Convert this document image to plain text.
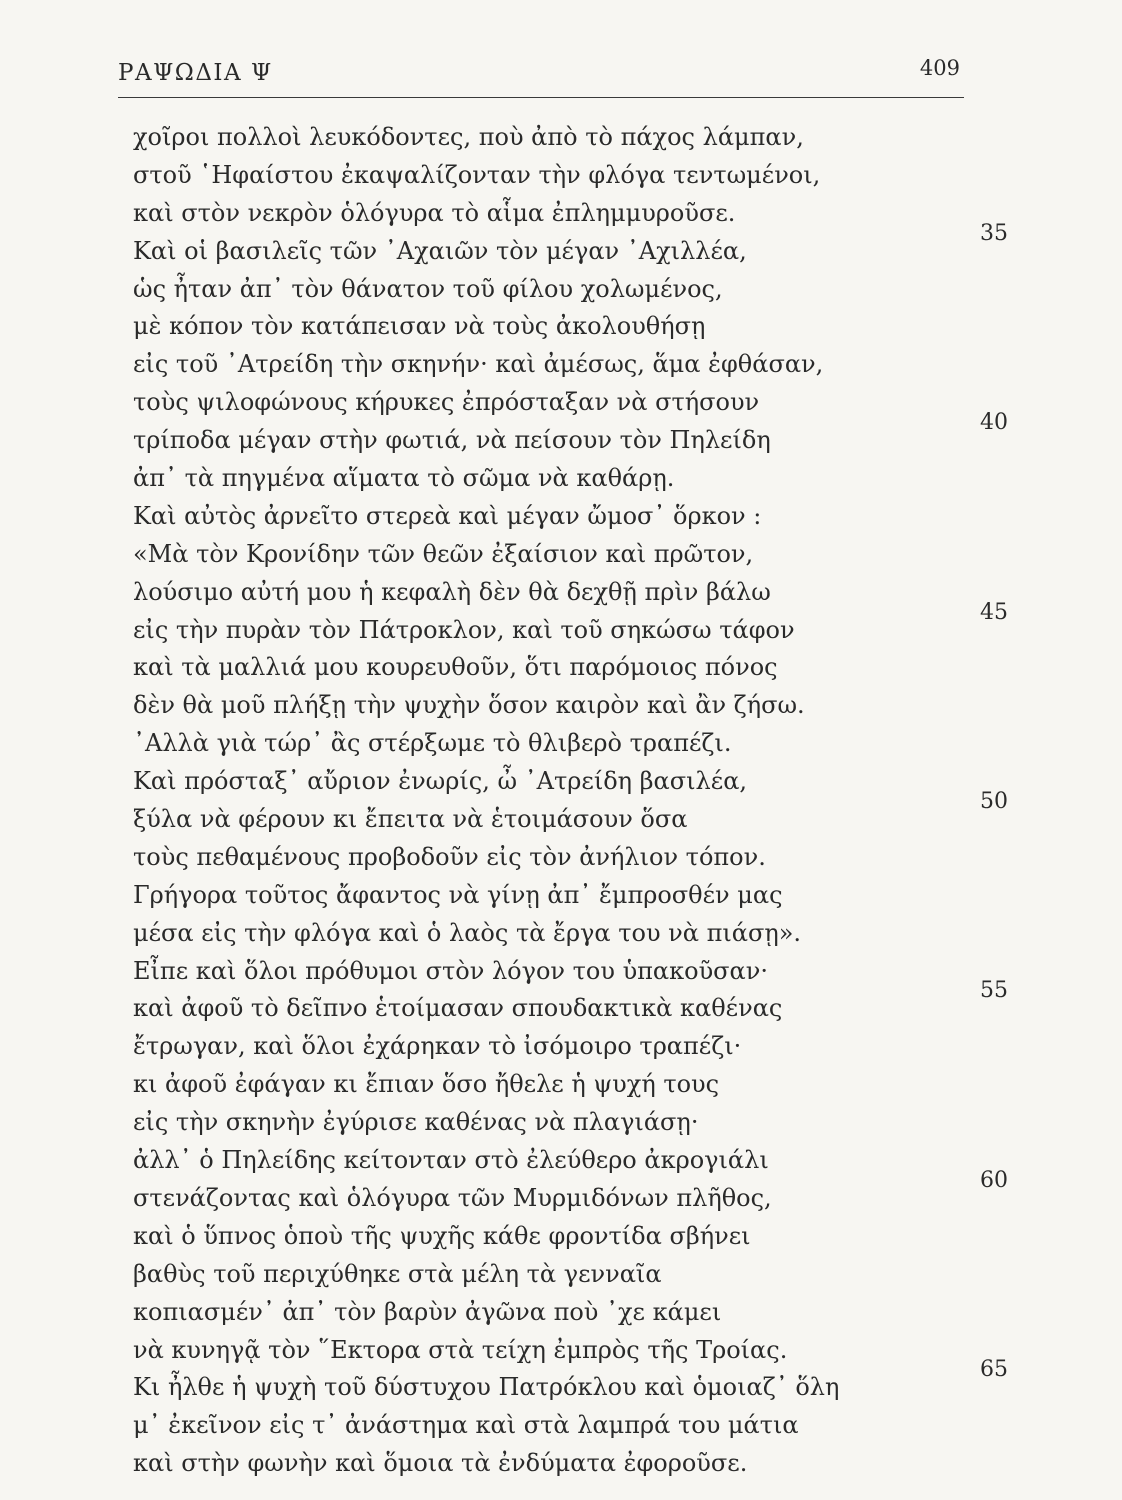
ΡΑΨΩΔΙΑ Ψ	409
χοῖροι πολλοὶ λευκόδοντες, ποὺ ἀπὸ τὸ πάχος λάμπαν,
στοῦ ῾Ηφαίστου ἐκαψαλίζονταν τὴν φλόγα τεντωμένοι,
καὶ στὸν νεκρὸν ὁλόγυρα τὸ αἷμα ἐπλημμυροῦσε.
Καὶ οἱ βασιλεῖς τῶν ᾿Αχαιῶν τὸν μέγαν ᾿Αχιλλέα,
35
ὡς ἦταν ἀπ᾿ τὸν θάνατον τοῦ φίλου χολωμένος,
μὲ κόπον τὸν κατάπεισαν νὰ τοὺς ἀκολουθήσῃ
εἰς τοῦ ᾿Ατρείδη τὴν σκηνήν· καὶ ἀμέσως, ἅμα ἐφθάσαν,
τοὺς ψιλοφώνους κήρυκες ἐπρόσταξαν νὰ στήσουν
τρίποδα μέγαν στὴν φωτιά, νὰ πείσουν τὸν Πηλείδη
40
ἀπ᾿ τὰ πηγμένα αἵματα τὸ σῶμα νὰ καθάρῃ.
Καὶ αὐτὸς ἀρνεῖτο στερεὰ καὶ μέγαν ὤμοσ᾿ ὅρκον :
«Μὰ τὸν Κρονίδην τῶν θεῶν ἐξαίσιον καὶ πρῶτον,
λούσιμο αὐτή μου ἡ κεφαλὴ δὲν θὰ δεχθῇ πρὶν βάλω
εἰς τὴν πυρὰν τὸν Πάτροκλον, καὶ τοῦ σηκώσω τάφον
45
καὶ τὰ μαλλιά μου κουρευθοῦν, ὅτι παρόμοιος πόνος
δὲν θὰ μοῦ πλήξῃ τὴν ψυχὴν ὅσον καιρὸν καὶ ἂν ζήσω.
᾿Αλλὰ γιὰ τώρ᾿ ἂς στέρξωμε τὸ θλιβερὸ τραπέζι.
Καὶ πρόσταξ᾿ αὔριον ἐνωρίς, ὦ ᾿Ατρείδη βασιλέα,
ξύλα νὰ φέρουν κι ἔπειτα νὰ ἑτοιμάσουν ὅσα
50
τοὺς πεθαμένους προβοδοῦν εἰς τὸν ἀνήλιον τόπον.
Γρήγορα τοῦτος ἄφαντος νὰ γίνῃ ἀπ᾿ ἔμπροσθέν μας
μέσα εἰς τὴν φλόγα καὶ ὁ λαὸς τὰ ἔργα του νὰ πιάσῃ».
Εἶπε καὶ ὅλοι πρόθυμοι στὸν λόγον του ὑπακοῦσαν·
καὶ ἀφοῦ τὸ δεῖπνο ἑτοίμασαν σπουδακτικὰ καθένας
55
ἔτρωγαν, καὶ ὅλοι ἐχάρηκαν τὸ ἰσόμοιρο τραπέζι·
κι ἀφοῦ ἐφάγαν κι ἔπιαν ὅσο ἤθελε ἡ ψυχή τους
εἰς τὴν σκηνὴν ἐγύρισε καθένας νὰ πλαγιάσῃ·
ἀλλ᾿ ὁ Πηλείδης κείτονταν στὸ ἐλεύθερο ἀκρογιάλι
στενάζοντας καὶ ὁλόγυρα τῶν Μυρμιδόνων πλῆθος,
60
καὶ ὁ ὕπνος ὁποὺ τῆς ψυχῆς κάθε φροντίδα σβήνει
βαθὺς τοῦ περιχύθηκε στὰ μέλη τὰ γενναῖα
κοπιασμέν᾿ ἀπ᾿ τὸν βαρὺν ἀγῶνα ποὺ ᾿χε κάμει
νὰ κυνηγᾷ τὸν ῞Εκτορα στὰ τείχη ἐμπρὸς τῆς Τροίας.
Κι ἦλθε ἡ ψυχὴ τοῦ δύστυχου Πατρόκλου καὶ ὁμοιαζ᾿ ὅλη
65
μ᾿ ἐκεῖνον εἰς τ᾿ ἀνάστημα καὶ στὰ λαμπρά του μάτια
καὶ στὴν φωνὴν καὶ ὅμοια τὰ ἐνδύματα ἐφοροῦσε.
